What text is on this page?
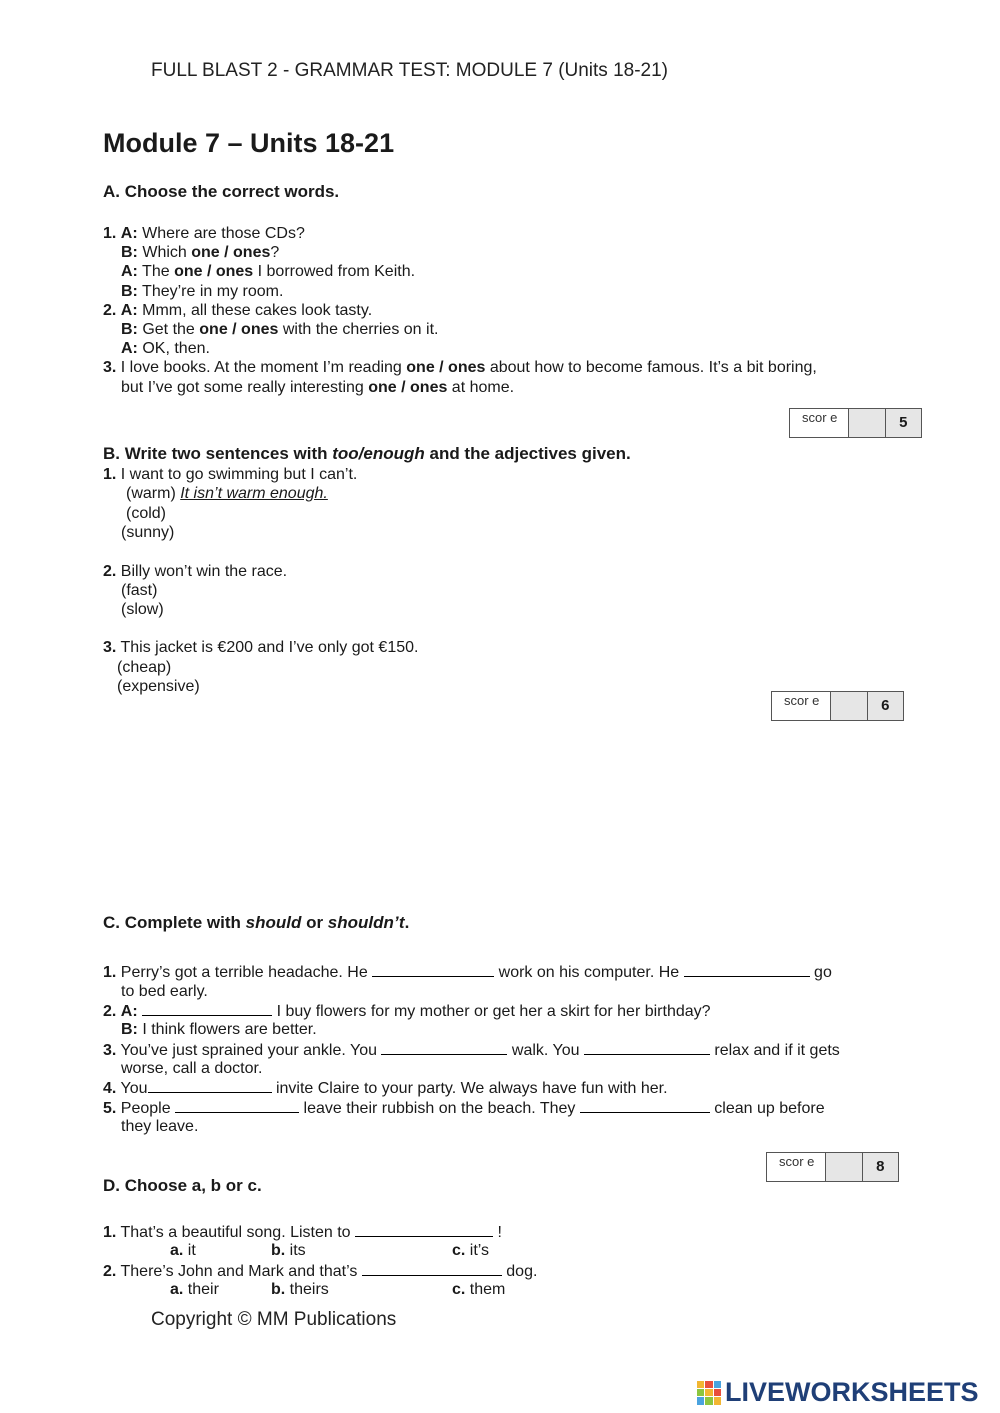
FULL BLAST 2 - GRAMMAR TEST: MODULE 7 (Units 18-21)
Module 7 – Units 18-21
A. Choose the correct words.
1. A: Where are those CDs?
B: Which one / ones?
A: The one / ones I borrowed from Keith.
B: They’re in my room.
2. A: Mmm, all these cakes look tasty.
B: Get the one / ones with the cherries on it.
A: OK, then.
3. I love books. At the moment I’m reading one / ones about how to become famous. It’s a bit boring,
but I’ve got some really interesting one / ones at home.
scor e	5
B. Write two sentences with too/enough and the adjectives given.
1. I want to go swimming but I can’t.
(warm) It isn’t warm enough.
(cold)
(sunny)
2. Billy won’t win the race.
(fast)
(slow)
3. This jacket is €200 and I’ve only got €150.
(cheap)
(expensive)
scor e	6
C. Complete with should or shouldn’t.
1. Perry’s got a terrible headache. He	work on his computer. He	go
to bed early.
2. A:	I buy flowers for my mother or get her a skirt for her birthday?
B: I think flowers are better.
3. You’ve just sprained your ankle. You	walk. You	relax and if it gets
worse, call a doctor.
4. You	invite Claire to your party. We always have fun with her.
5. People	leave their rubbish on the beach. They	clean up before
they leave.
scor e	8
D. Choose a, b or c.
1. That’s a beautiful song. Listen to	!
a. it	b. its	c. it’s
2. There’s John and Mark and that’s	dog.
a. their	b. theirs	c. them
Copyright © MM Publications
LIVEWORKSHEETS
